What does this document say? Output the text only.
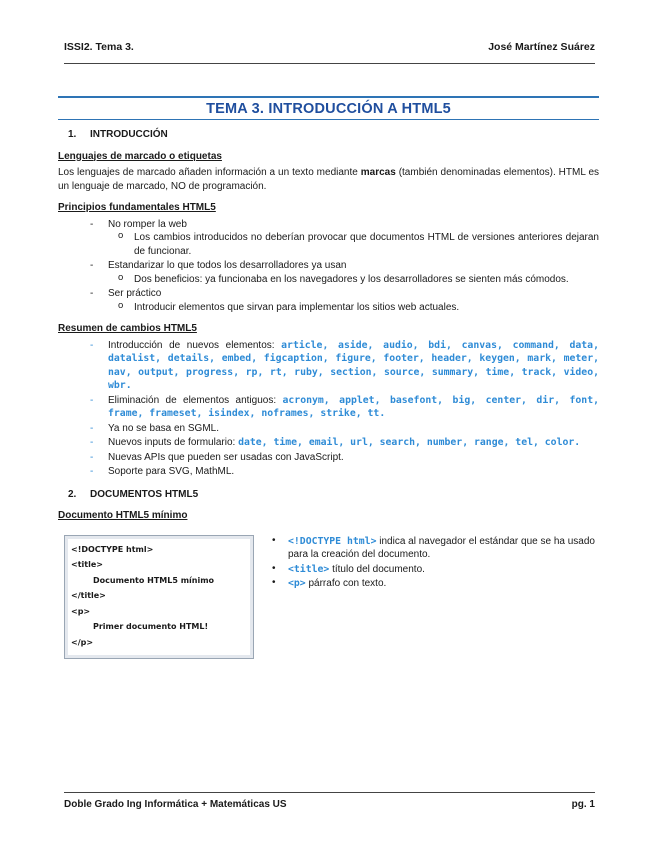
ISSI2. Tema 3.	José Martínez Suárez
TEMA 3. INTRODUCCIÓN A HTML5
1. INTRODUCCIÓN
Lenguajes de marcado o etiquetas

Los lenguajes de marcado añaden información a un texto mediante marcas (también denominadas elementos). HTML es un lenguaje de marcado, NO de programación.

Principios fundamentales HTML5
- No romper la web
o Los cambios introducidos no deberían provocar que documentos HTML de versiones anteriores dejaran de funcionar.
- Estandarizar lo que todos los desarrolladores ya usan
o Dos beneficios: ya funcionaba en los navegadores y los desarrolladores se sienten más cómodos.
- Ser práctico
o Introducir elementos que sirvan para implementar los sitios web actuales.
Resumen de cambios HTML5
- Introducción de nuevos elementos: article, aside, audio, bdi, canvas, command, data, datalist, details, embed, figcaption, figure, footer, header, keygen, mark, meter, nav, output, progress, rp, rt, ruby, section, source, summary, time, track, video, wbr.
- Eliminación de elementos antiguos: acronym, applet, basefont, big, center, dir, font, frame, frameset, isindex, noframes, strike, tt.
- Ya no se basa en SGML.
- Nuevos inputs de formulario: date, time, email, url, search, number, range, tel, color.
- Nuevas APIs que pueden ser usadas con JavaScript.
- Soporte para SVG, MathML.
2. DOCUMENTOS HTML5
Documento HTML5 mínimo
<!DOCTYPE html>
<title>
Documento HTML5 mínimo
</title>
<p>
Primer documento HTML!
</p>
• <!DOCTYPE html> indica al navegador el estándar que se ha usado para la creación del documento.
• <title> título del documento.
• <p> párrafo con texto.
Doble Grado Ing Informática + Matemáticas US	pg. 1
